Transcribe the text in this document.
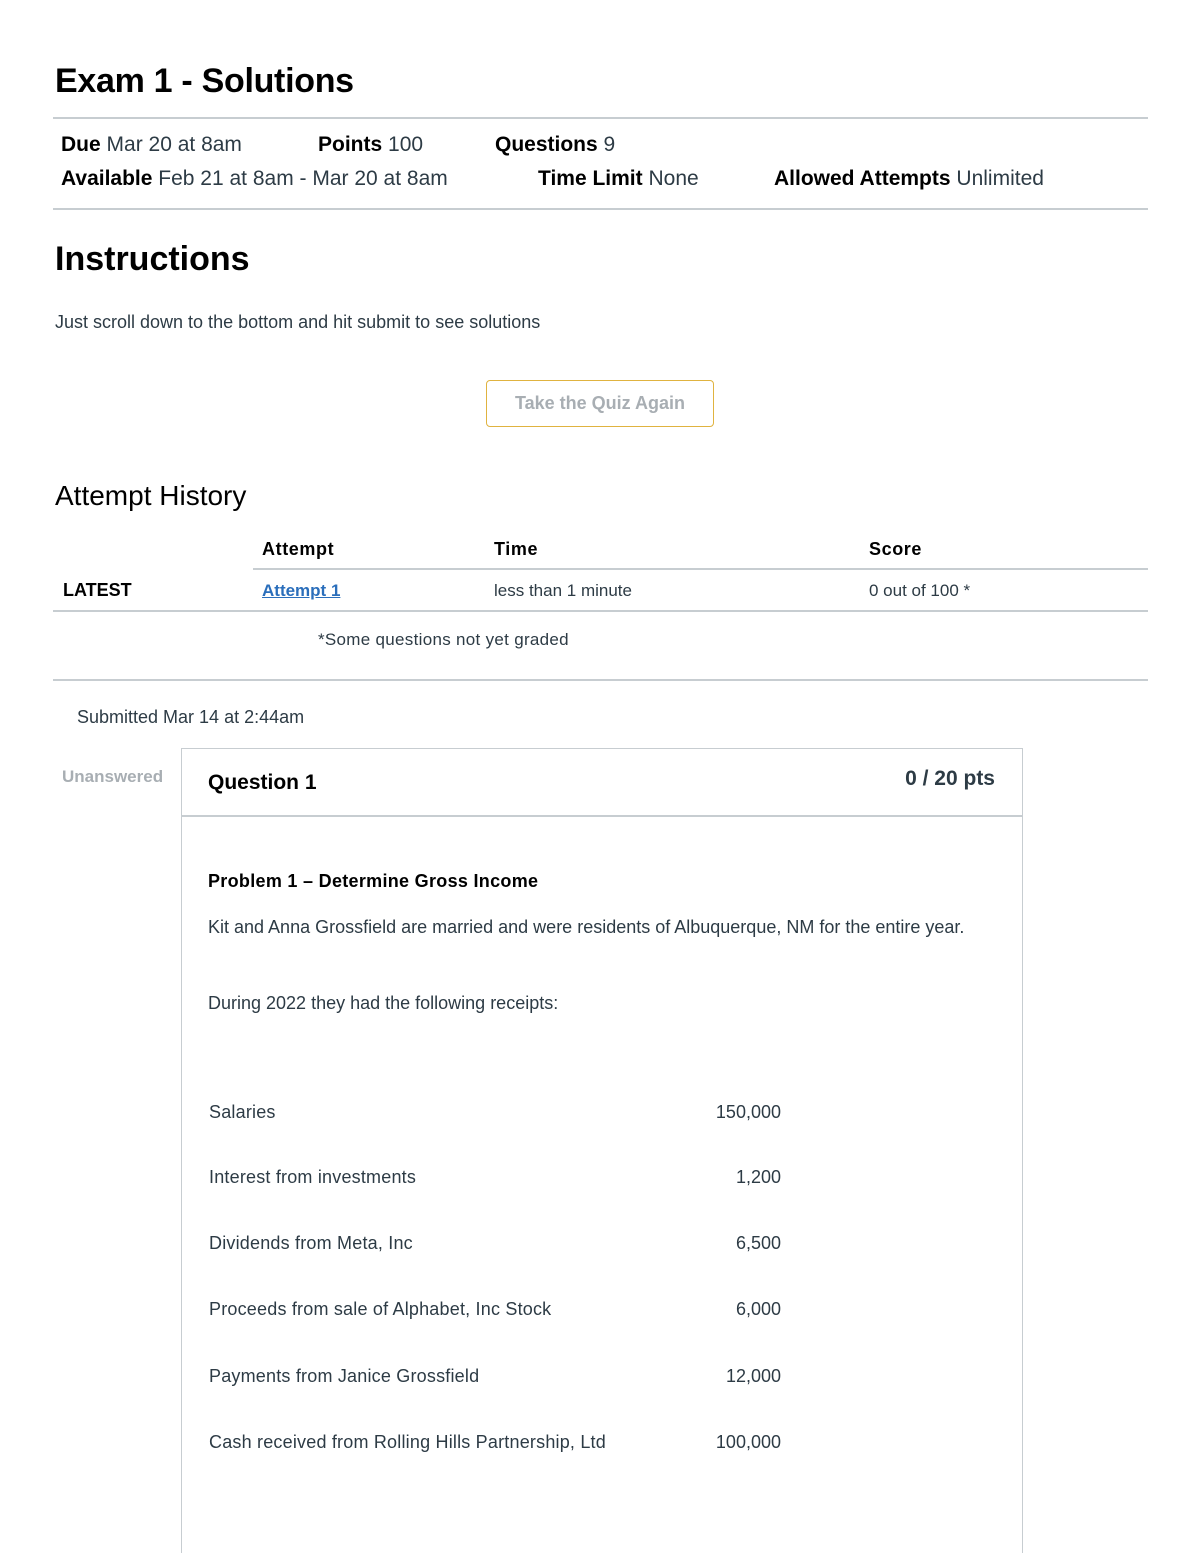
Exam 1 - Solutions
Due Mar 20 at 8am	Points 100	Questions 9
Available Feb 21 at 8am - Mar 20 at 8am	Time Limit None	Allowed Attempts Unlimited
Instructions
Just scroll down to the bottom and hit submit to see solutions
Take the Quiz Again
Attempt History
Attempt	Time	Score
LATEST	Attempt 1	less than 1 minute	0 out of 100 *
*Some questions not yet graded
Submitted Mar 14 at 2:44am
Unanswered Question 1	0 / 20 pts
Problem 1 – Determine Gross Income
Kit and Anna Grossfield are married and were residents of Albuquerque, NM for the entire year.
During 2022 they had the following receipts:
Salaries	150,000
Interest from investments	1,200
Dividends from Meta, Inc	6,500
Proceeds from sale of Alphabet, Inc Stock	6,000
Payments from Janice Grossfield	12,000
Cash received from Rolling Hills Partnership, Ltd	100,000
